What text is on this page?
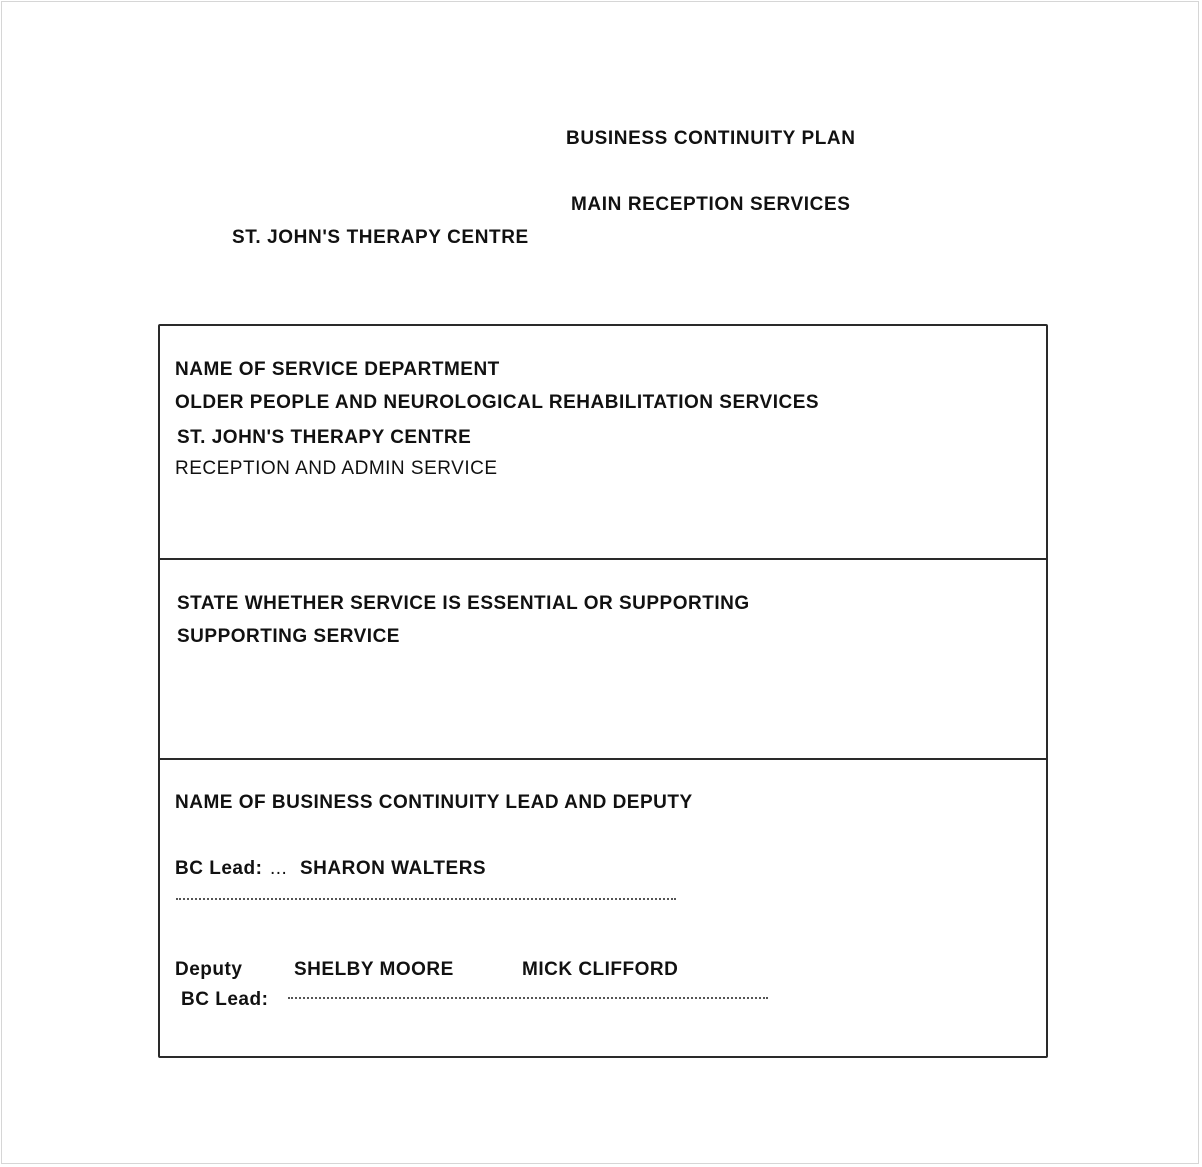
BUSINESS CONTINUITY PLAN
MAIN RECEPTION SERVICES
ST. JOHN'S THERAPY CENTRE
NAME OF SERVICE DEPARTMENT
OLDER PEOPLE AND NEUROLOGICAL REHABILITATION SERVICES
ST. JOHN'S THERAPY CENTRE
RECEPTION AND ADMIN SERVICE
STATE WHETHER SERVICE IS ESSENTIAL OR SUPPORTING
SUPPORTING SERVICE
NAME OF BUSINESS CONTINUITY LEAD AND DEPUTY
BC Lead: ... SHARON WALTERS
Deputy	SHELBY MOORE	MICK CLIFFORD
BC Lead:
